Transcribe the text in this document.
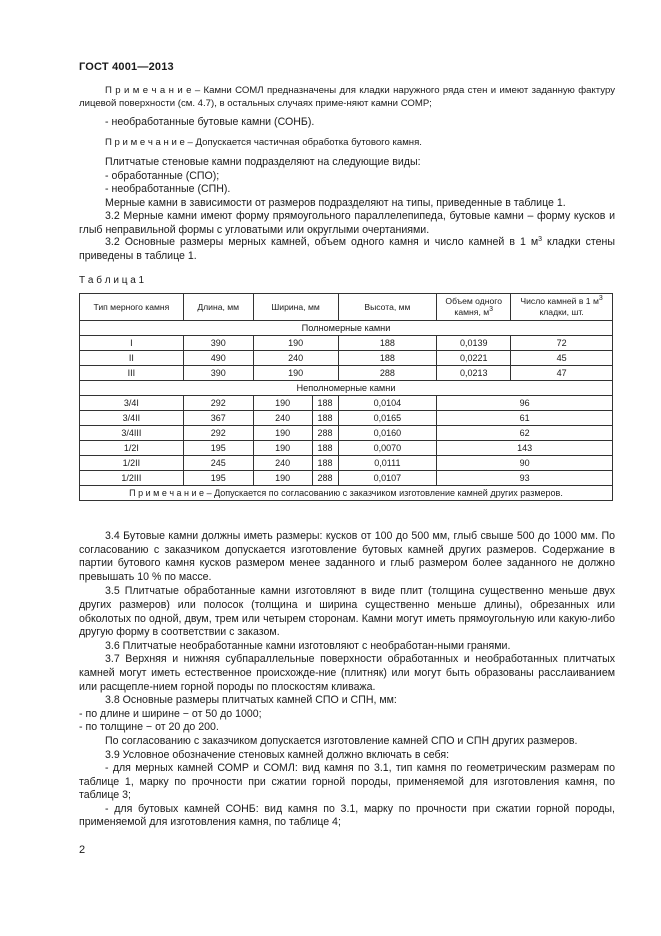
ГОСТ 4001—2013
П р и м е ч а н и е – Камни СОМЛ предназначены для кладки наружного ряда стен и имеют заданную фактуру лицевой поверхности (см. 4.7), в остальных случаях приме-няют камни СОМР;
- необработанные бутовые камни (СОНБ).
П р и м е ч а н и е – Допускается частичная обработка бутового камня.

Плитчатые стеновые камни подразделяют на следующие виды:

- обработанные (СПО);

- необработанные (СПН).

Мерные камни в зависимости от размеров подразделяют на типы, приведенные в таблице 1.

3.2 Мерные камни имеют форму прямоугольного параллелепипеда, бутовые камни – форму кусков и глыб неправильной формы с угловатыми или округлыми очертаниями.
3.2 Основные размеры мерных камней, объем одного камня и число камней в 1 $м^3$ кладки стены приведены в таблице 1.
Т а б л и ц а 1
Тип мерного камня	Длина, мм	Ширина, мм		Высота, мм	Объем одного камня, $м^3$	Число камней в 1 $м^3$ кладки, шт.
Полномерные камни						
I	390	190		188	0,0139	72
II	490	240		188	0,0221	45
III	390	190		288	0,0213	47
Неполномерные камни						
3/4I	292	190	188	0,0104	96	
3/4II	367	240	188	0,0165	61	
3/4III	292	190	288	0,0160	62	
1/2I	195	190	188	0,0070	143	
1/2II	245	240	188	0,0111	90	
1/2III	195	190	288	0,0107	93	
П р и м е ч а н и е – Допускается по согласованию с заказчиком изготовление камней других размеров.						

3.4 Бутовые камни должны иметь размеры: кусков от 100 до 500 мм, глыб свыше 500 до 1000 мм. По согласованию с заказчиком допускается изготовление бутовых камней других размеров. Содержание в партии бутового камня кусков размером менее заданного и глыб размером более заданного не должно превышать 10 % по массе.

3.5 Плитчатые обработанные камни изготовляют в виде плит (толщина существенно меньше двух других размеров) или полосок (толщина и ширина существенно меньше длины), обрезанных или обколотых по одной, двум, трем или четырем сторонам. Камни могут иметь прямоугольную или какую-либо другую форму в соответствии с заказом.

3.6 Плитчатые необработанные камни изготовляют с необработан-ными гранями.

3.7 Верхняя и нижняя субпараллельные поверхности обработанных и необработанных плитчатых камней могут иметь естественное происхожде-ние (плитняк) или могут быть образованы расслаиванием или расщепле-нием горной породы по плоскостям кливажа.

3.8 Основные размеры плитчатых камней СПО и СПН, мм:

- по длине и ширине − от 50 до 1000;

- по толщине − от 20 до 200.

По согласованию с заказчиком допускается изготовление камней СПО и СПН других размеров.

3.9 Условное обозначение стеновых камней должно включать в себя:

- для мерных камней СОМР и СОМЛ: вид камня по 3.1, тип камня по геометрическим размерам по таблице 1, марку по прочности при сжатии горной породы, применяемой для изготовления камня, по таблице 3;

- для бутовых камней СОНБ: вид камня по 3.1, марку по прочности при сжатии горной породы, применяемой для изготовления камня, по таблице 4;

2
